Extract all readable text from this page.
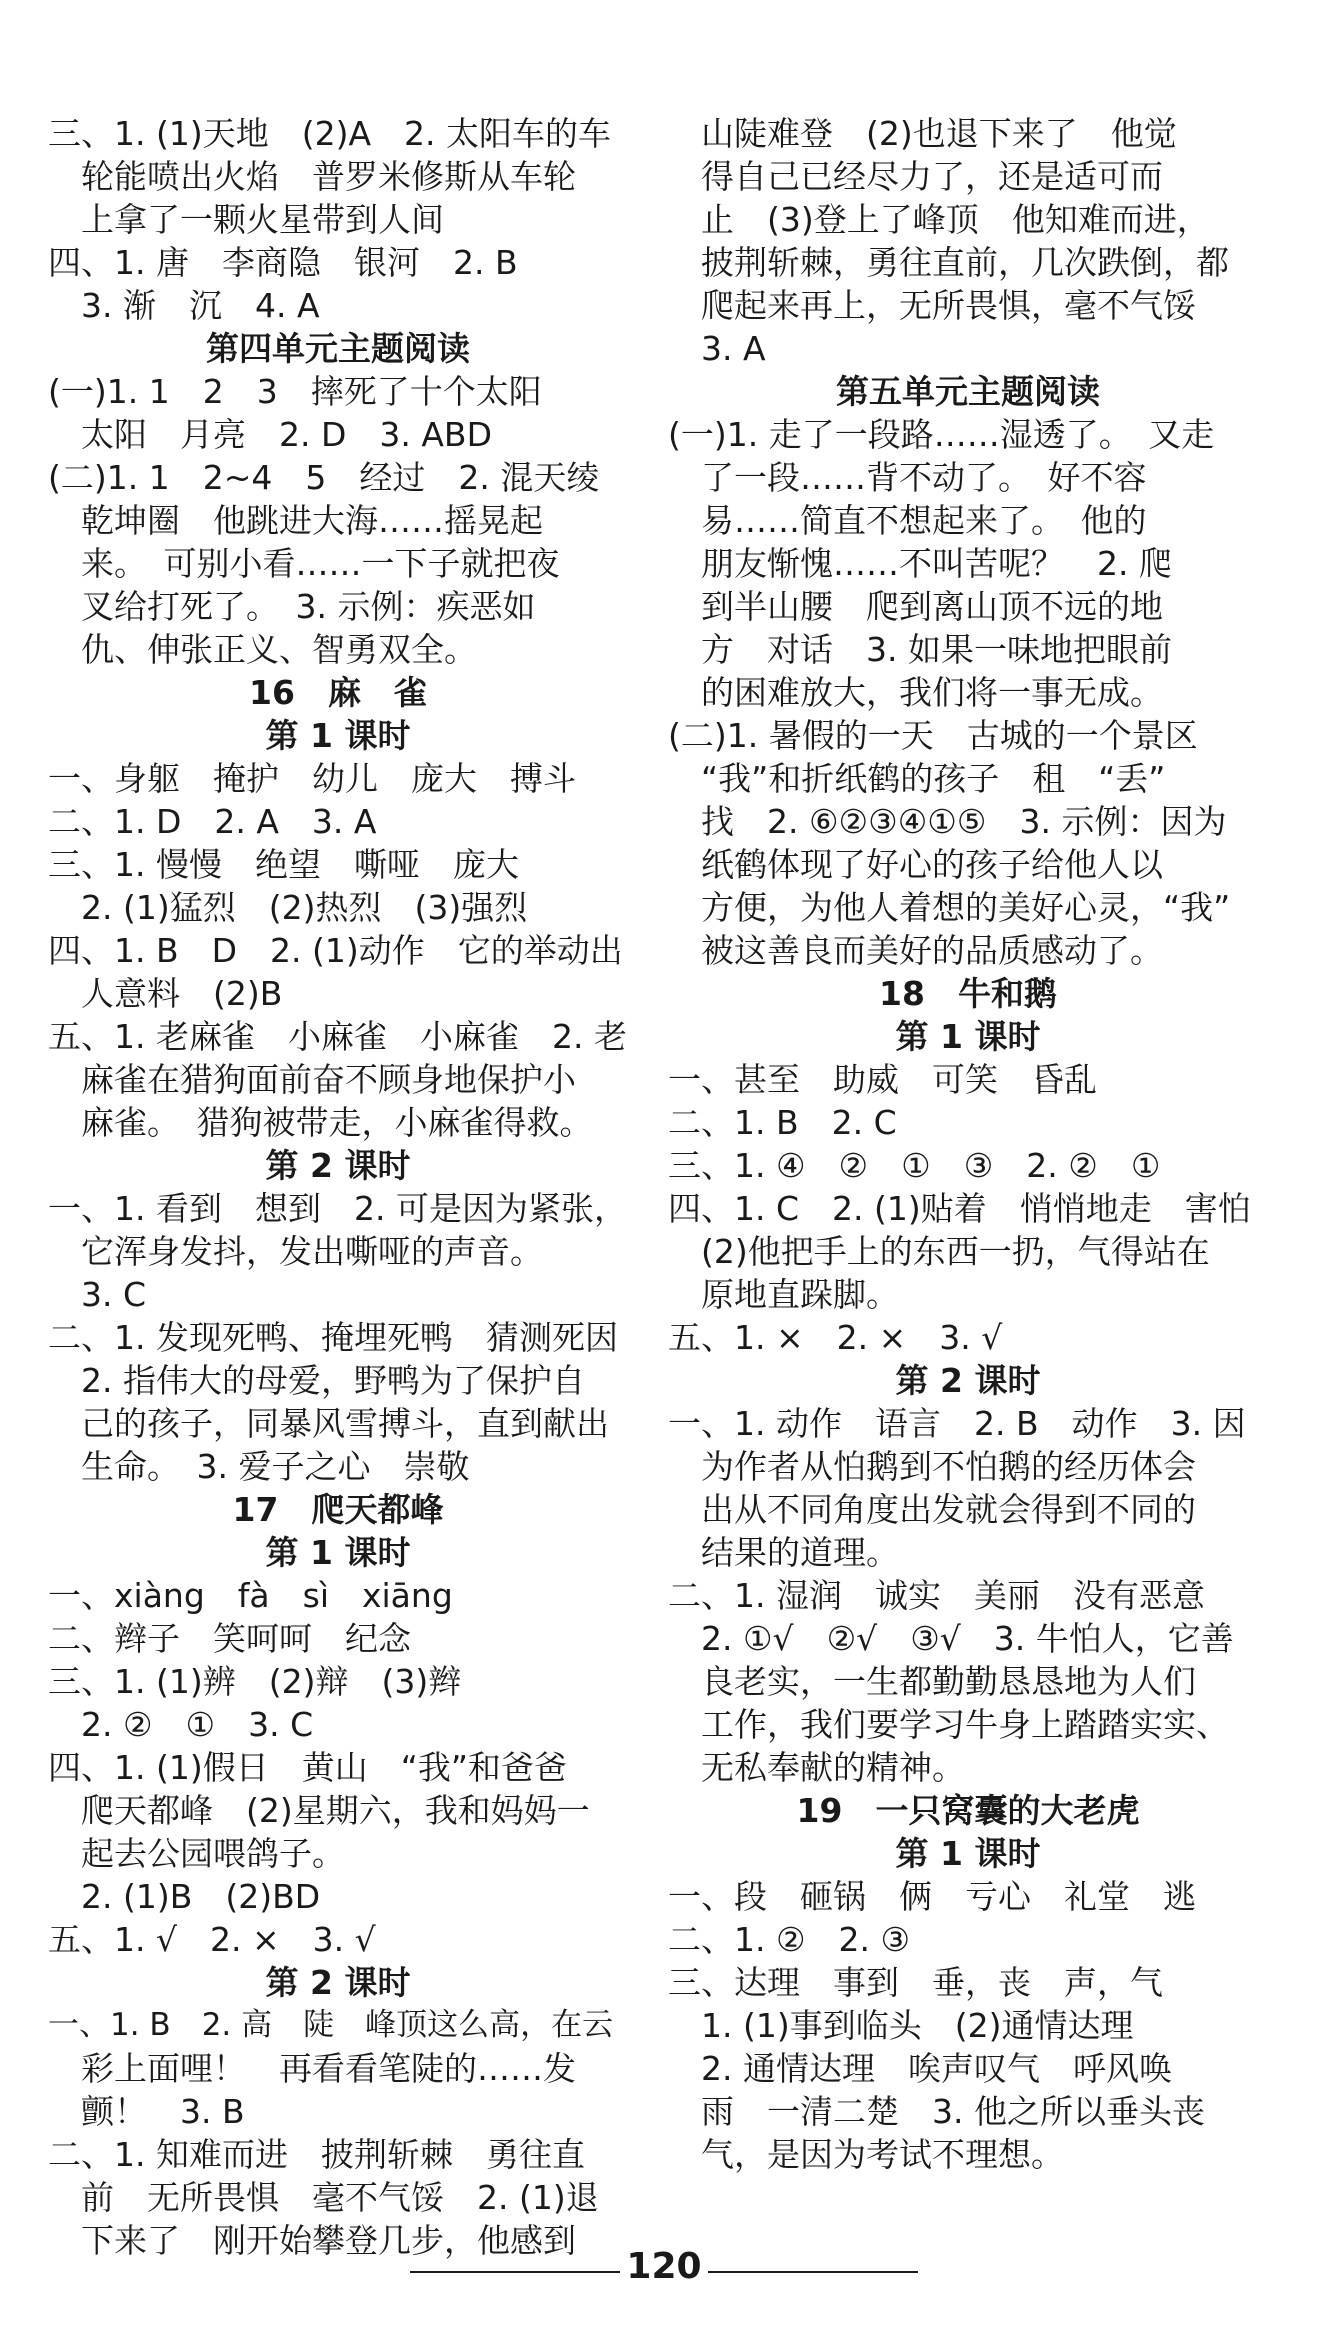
三、1. (1)天地　(2)A　2. 太阳车的车
　轮能喷出火焰　普罗米修斯从车轮
　上拿了一颗火星带到人间
四、1. 唐　李商隐　银河　2. B
　3. 渐　沉　4. A
第四单元主题阅读
(一)1. 1　2　3　摔死了十个太阳
　太阳　月亮　2. D　3. ABD
(二)1. 1　2~4　5　经过　2. 混天绫
　乾坤圈　他跳进大海……摇晃起
　来。　可别小看……一下子就把夜
　叉给打死了。　3. 示例：疾恶如
　仇、伸张正义、智勇双全。
16　麻　雀
第 1 课时
一、身躯　掩护　幼儿　庞大　搏斗
二、1. D　2. A　3. A
三、1. 慢慢　绝望　嘶哑　庞大
　2. (1)猛烈　(2)热烈　(3)强烈
四、1. B　D　2. (1)动作　它的举动出
　人意料　(2)B
五、1. 老麻雀　小麻雀　小麻雀　2. 老
　麻雀在猎狗面前奋不顾身地保护小
　麻雀。　猎狗被带走，小麻雀得救。
第 2 课时
一、1. 看到　想到　2. 可是因为紧张，
　它浑身发抖，发出嘶哑的声音。
　3. C
二、1. 发现死鸭、掩埋死鸭　猜测死因
　2. 指伟大的母爱，野鸭为了保护自
　己的孩子，同暴风雪搏斗，直到献出
　生命。　3. 爱子之心　崇敬
17　爬天都峰
第 1 课时
一、xiàng　fà　sì　xiāng
二、辫子　笑呵呵　纪念
三、1. (1)辨　(2)辩　(3)辫
　2. ②　①　3. C
四、1. (1)假日　黄山　“我”和爸爸
　爬天都峰　(2)星期六，我和妈妈一
　起去公园喂鸽子。
　2. (1)B　(2)BD
五、1. √　2. ×　3. √
第 2 课时
一、1. B　2. 高　陡　峰顶这么高，在云
　彩上面哩！　再看看笔陡的……发
　颤！　3. B
二、1. 知难而进　披荆斩棘　勇往直
　前　无所畏惧　毫不气馁　2. (1)退
　下来了　刚开始攀登几步，他感到
　山陡难登　(2)也退下来了　他觉
　得自己已经尽力了，还是适可而
　止　(3)登上了峰顶　他知难而进，
　披荆斩棘，勇往直前，几次跌倒，都
　爬起来再上，无所畏惧，毫不气馁
　3. A
第五单元主题阅读
(一)1. 走了一段路……湿透了。　又走
　了一段……背不动了。　好不容
　易……简直不想起来了。　他的
　朋友惭愧……不叫苦呢？　2. 爬
　到半山腰　爬到离山顶不远的地
　方　对话　3. 如果一味地把眼前
　的困难放大，我们将一事无成。
(二)1. 暑假的一天　古城的一个景区
　“我”和折纸鹤的孩子　租　“丢”
　找　2. ⑥②③④①⑤　3. 示例：因为
　纸鹤体现了好心的孩子给他人以
　方便，为他人着想的美好心灵，“我”
　被这善良而美好的品质感动了。
18　牛和鹅
第 1 课时
一、甚至　助威　可笑　昏乱
二、1. B　2. C
三、1. ④　②　①　③　2. ②　①
四、1. C　2. (1)贴着　悄悄地走　害怕
　(2)他把手上的东西一扔，气得站在
　原地直跺脚。
五、1. ×　2. ×　3. √
第 2 课时
一、1. 动作　语言　2. B　动作　3. 因
　为作者从怕鹅到不怕鹅的经历体会
　出从不同角度出发就会得到不同的
　结果的道理。
二、1. 湿润　诚实　美丽　没有恶意
　2. ①√　②√　③√　3. 牛怕人，它善
　良老实，一生都勤勤恳恳地为人们
　工作，我们要学习牛身上踏踏实实、
　无私奉献的精神。
19　一只窝囊的大老虎
第 1 课时
一、段　砸锅　俩　亏心　礼堂　逃
二、1. ②　2. ③
三、达理　事到　垂，丧　声，气
　1. (1)事到临头　(2)通情达理
　2. 通情达理　唉声叹气　呼风唤
　雨　一清二楚　3. 他之所以垂头丧
　气，是因为考试不理想。
120
